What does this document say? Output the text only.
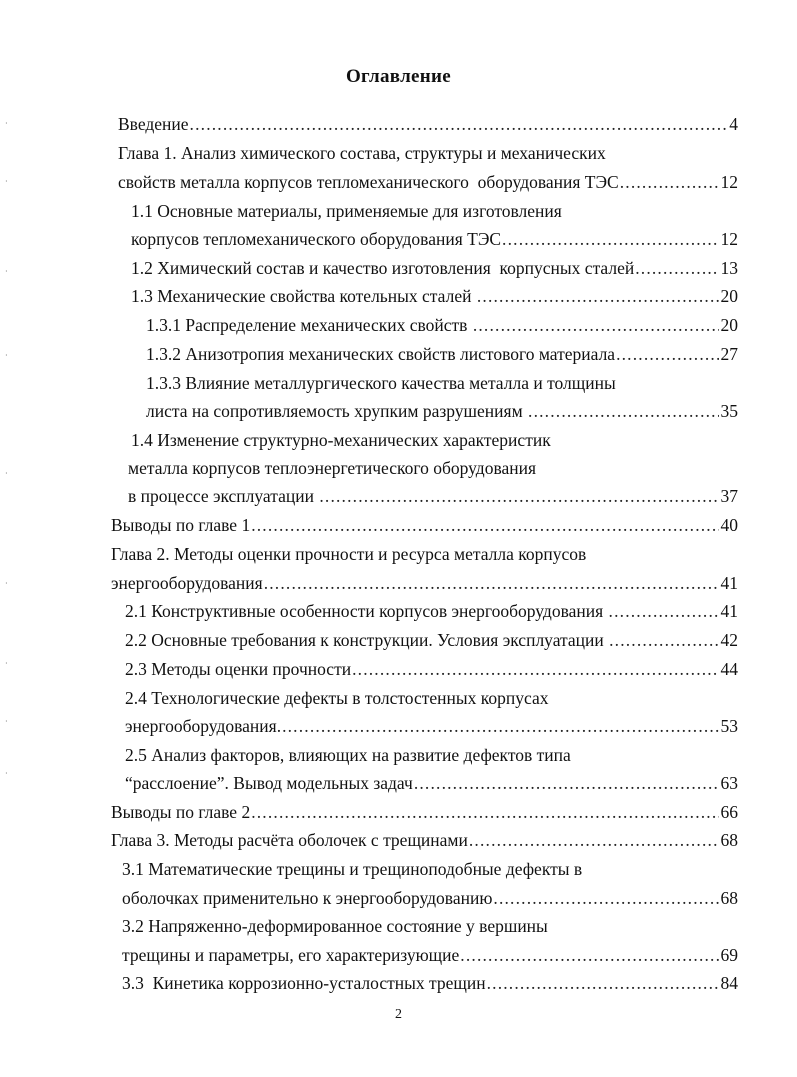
Оглавление
Введение . . .	4
Глава 1. Анализ химического состава, структуры и механических
свойств металла корпусов тепломеханического  оборудования ТЭС . . .	12
1.1 Основные материалы, применяемые для изготовления
корпусов тепломеханического оборудования ТЭС . . .	12
1.2 Химический состав и качество изготовления  корпусных сталей . . .	13
1.3 Механические свойства котельных сталей . . .	20
1.3.1 Распределение механических свойств . . .	20
1.3.2 Анизотропия механических свойств листового материала . . .	27
1.3.3 Влияние металлургического качества металла и толщины
листа на сопротивляемость хрупким разрушениям . . .	35
1.4 Изменение структурно-механических характеристик
металла корпусов теплоэнергетического оборудования
в процессе эксплуатации . . .	37
Выводы по главе 1 . . .	40
Глава 2. Методы оценки прочности и ресурса металла корпусов
энергооборудования . . .	41
2.1 Конструктивные особенности корпусов энергооборудования . . .	41
2.2 Основные требования к конструкции. Условия эксплуатации . . .	42
2.3 Методы оценки прочности . . .	44
2.4 Технологические дефекты в толстостенных корпусах
энергооборудования. . . .	53
2.5 Анализ факторов, влияющих на развитие дефектов типа
“расслоение”. Вывод модельных задач . . .	63
Выводы по главе 2 . . .	66
Глава 3. Методы расчёта оболочек с трещинами . . .	68
3.1 Математические трещины и трещиноподобные дефекты в
оболочках применительно к энергооборудованию . . .	68
3.2 Напряженно-деформированное состояние у вершины
трещины и параметры, его характеризующие . . .	69
3.3  Кинетика коррозионно-усталостных трещин . . .	84
2
·
·
·
·
·
·
·
·
·
